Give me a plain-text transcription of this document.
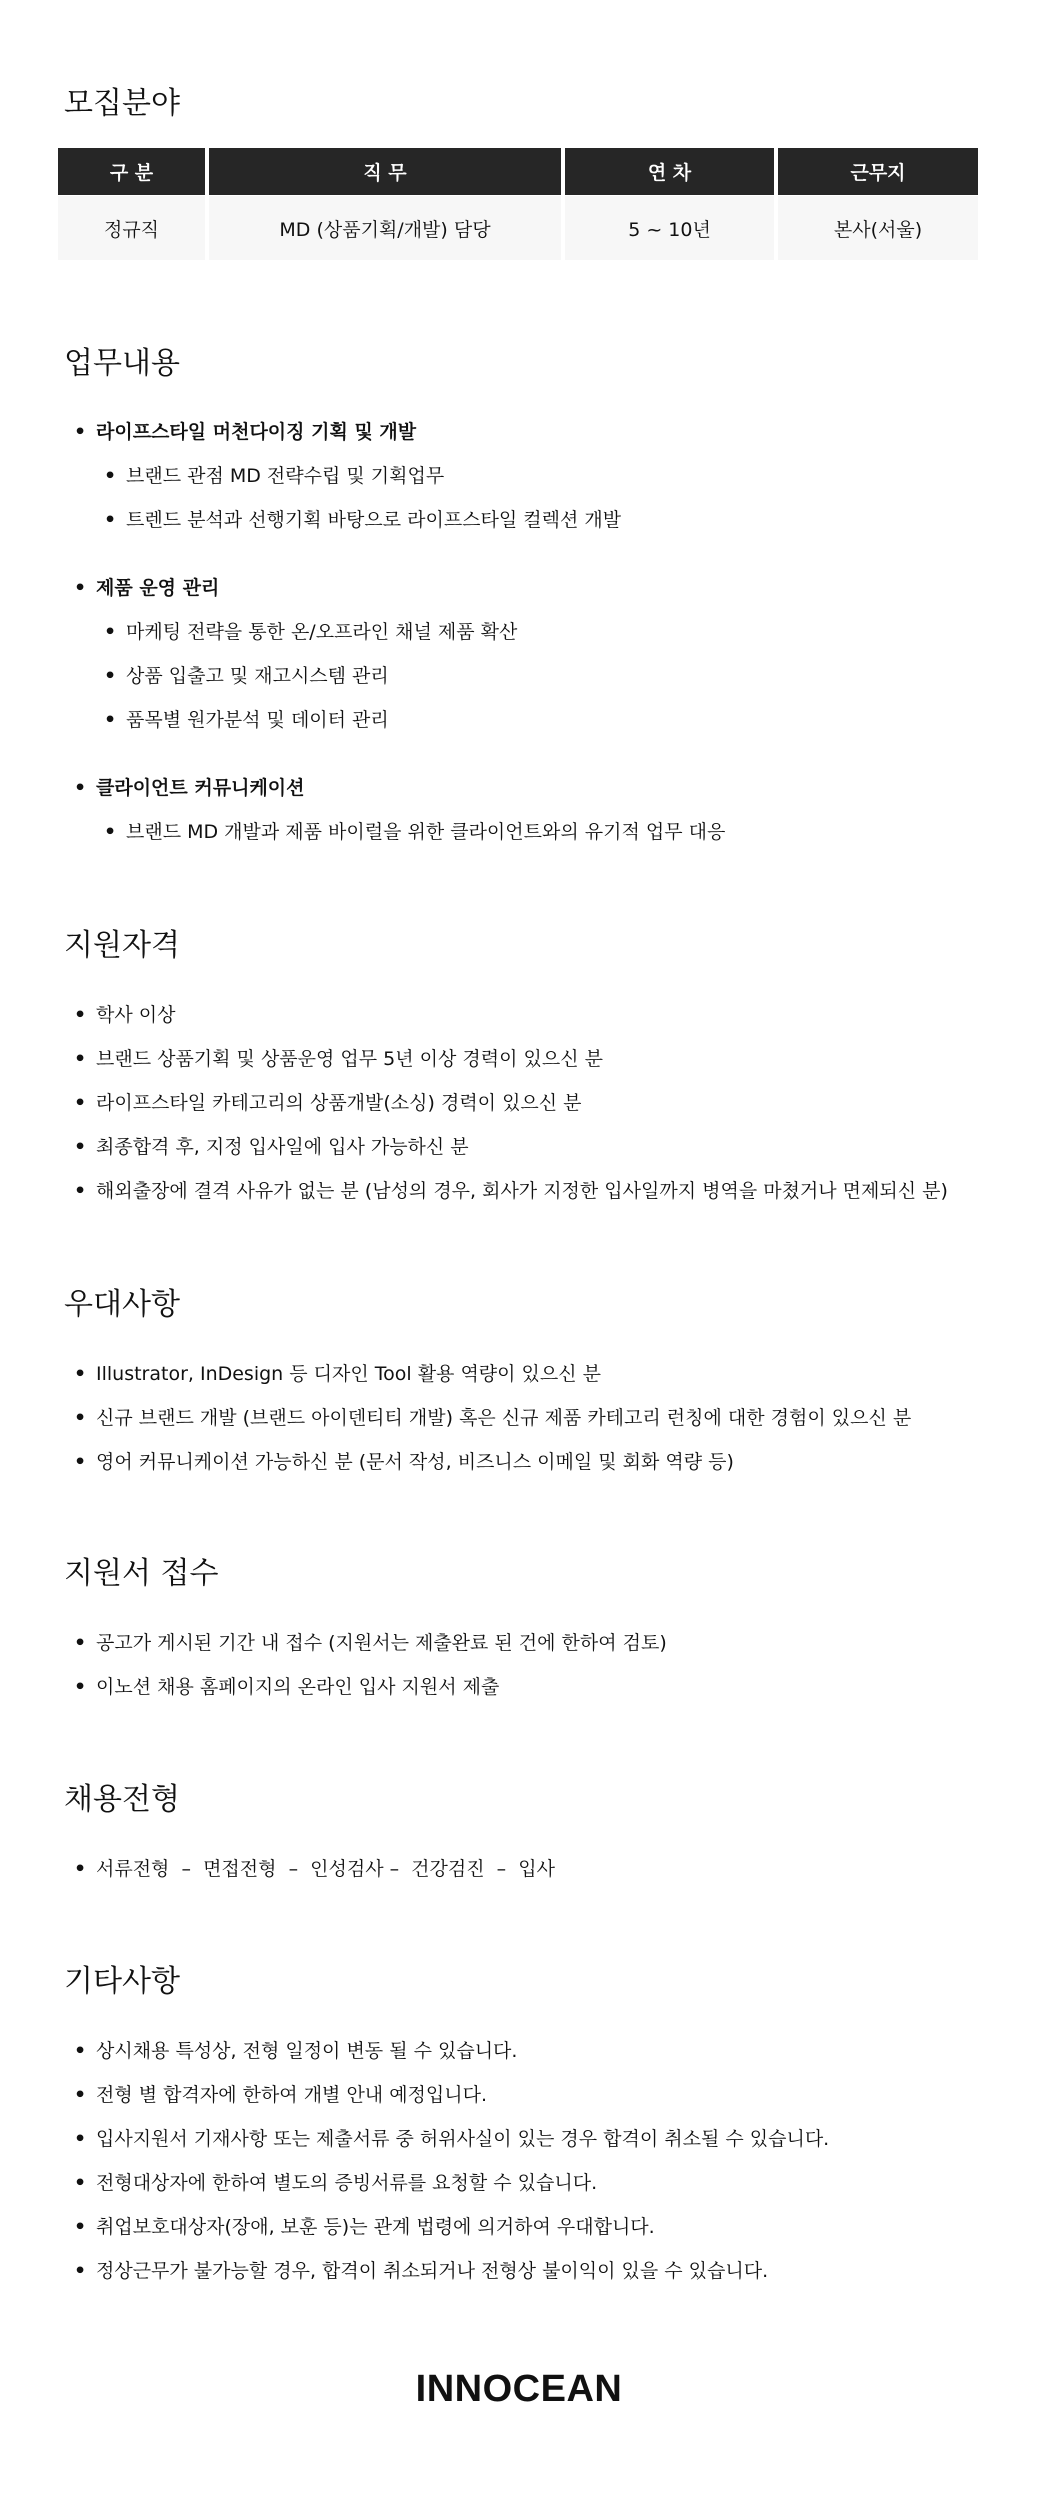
모집분야
구 분	직 무	연 차	근무지
정규직	MD (상품기획/개발) 담당	5 ~ 10년	본사(서울)
업무내용
• 라이프스타일 머천다이징 기획 및 개발
• 브랜드 관점 MD 전략수립 및 기획업무
• 트렌드 분석과 선행기획 바탕으로 라이프스타일 컬렉션 개발
• 제품 운영 관리
• 마케팅 전략을 통한 온/오프라인 채널 제품 확산
• 상품 입출고 및 재고시스템 관리
• 품목별 원가분석 및 데이터 관리
• 클라이언트 커뮤니케이션
• 브랜드 MD 개발과 제품 바이럴을 위한 클라이언트와의 유기적 업무 대응
지원자격
• 학사 이상
• 브랜드 상품기획 및 상품운영 업무 5년 이상 경력이 있으신 분
• 라이프스타일 카테고리의 상품개발(소싱) 경력이 있으신 분
• 최종합격 후, 지정 입사일에 입사 가능하신 분
• 해외출장에 결격 사유가 없는 분 (남성의 경우, 회사가 지정한 입사일까지 병역을 마쳤거나 면제되신 분)
우대사항
• Illustrator, InDesign 등 디자인 Tool 활용 역량이 있으신 분
• 신규 브랜드 개발 (브랜드 아이덴티티 개발) 혹은 신규 제품 카테고리 런칭에 대한 경험이 있으신 분
• 영어 커뮤니케이션 가능하신 분 (문서 작성, 비즈니스 이메일 및 회화 역량 등)
지원서 접수
• 공고가 게시된 기간 내 접수 (지원서는 제출완료 된 건에 한하여 검토)
• 이노션 채용 홈페이지의 온라인 입사 지원서 제출
채용전형
• 서류전형  –  면접전형  –  인성검사 –  건강검진  –  입사
기타사항
• 상시채용 특성상, 전형 일정이 변동 될 수 있습니다.
• 전형 별 합격자에 한하여 개별 안내 예정입니다.
• 입사지원서 기재사항 또는 제출서류 중 허위사실이 있는 경우 합격이 취소될 수 있습니다.
• 전형대상자에 한하여 별도의 증빙서류를 요청할 수 있습니다.
• 취업보호대상자(장애, 보훈 등)는 관계 법령에 의거하여 우대합니다.
• 정상근무가 불가능할 경우, 합격이 취소되거나 전형상 불이익이 있을 수 있습니다.
INNOCEAN
